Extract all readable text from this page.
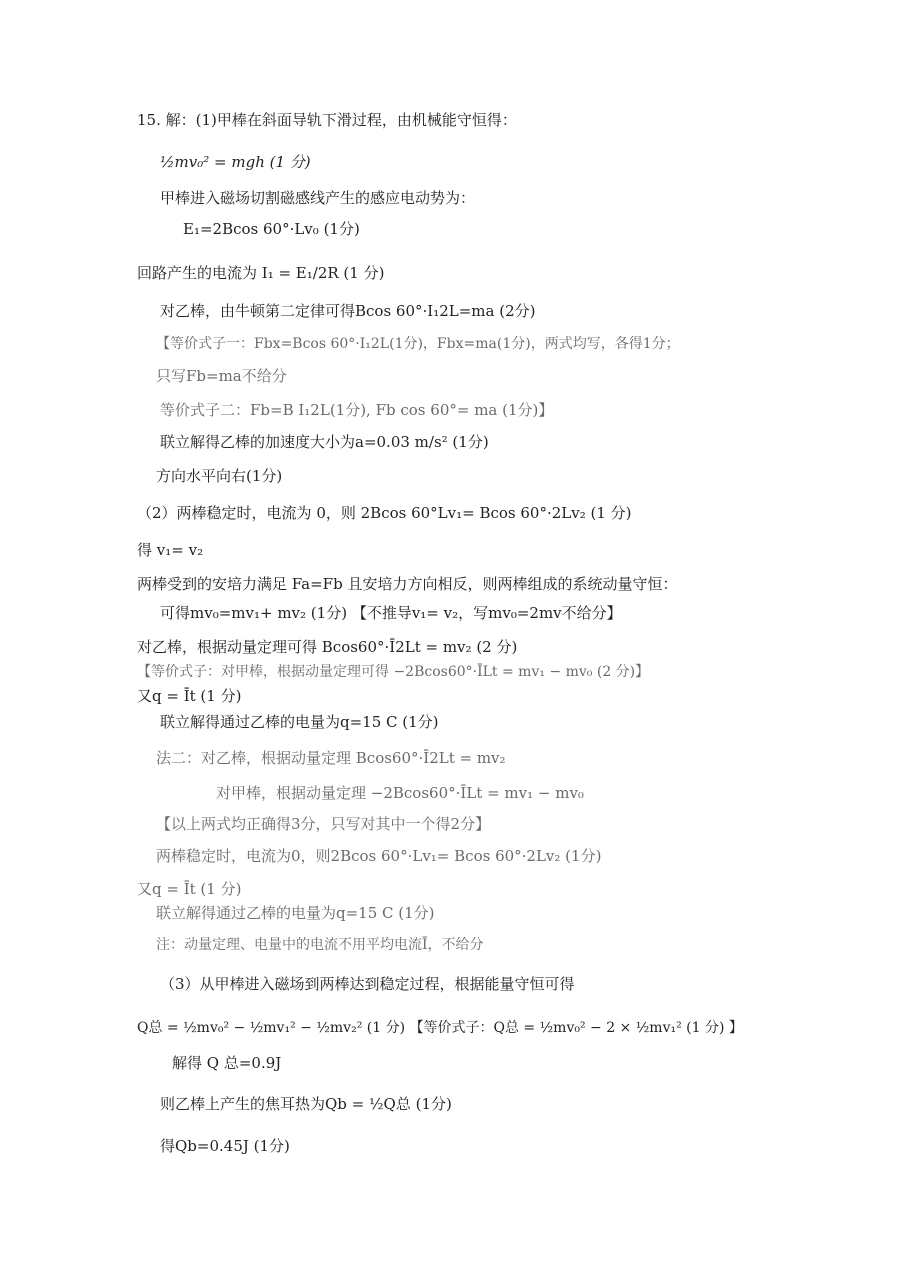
15. 解：(1)甲棒在斜面导轨下滑过程，由机械能守恒得：
½mv₀² = mgh (1 分)
甲棒进入磁场切割磁感线产生的感应电动势为：
E₁=2Bcos 60°·Lv₀ (1分)
回路产生的电流为 I₁ = E₁/2R (1 分)
对乙棒，由牛顿第二定律可得Bcos 60°·I₁2L=ma (2分)
【等价式子一：Fbx=Bcos 60°·I₁2L(1分)，Fbx=ma(1分)，两式均写，各得1分；
只写Fb=ma不给分
等价式子二：Fb=B I₁2L(1分), Fb cos 60°= ma (1分)】
联立解得乙棒的加速度大小为a=0.03 m/s² (1分)
方向水平向右(1分)
（2）两棒稳定时，电流为 0，则 2Bcos 60°Lv₁= Bcos 60°·2Lv₂ (1 分)
得 v₁= v₂
两棒受到的安培力满足 Fa=Fb 且安培力方向相反，则两棒组成的系统动量守恒：
可得mv₀=mv₁+ mv₂ (1分) 【不推导v₁= v₂，写mv₀=2mv不给分】
对乙棒，根据动量定理可得 Bcos60°·Ī2Lt = mv₂ (2 分)
【等价式子：对甲棒，根据动量定理可得 −2Bcos60°·ĪLt = mv₁ − mv₀ (2 分)】
又q = Īt (1 分)
联立解得通过乙棒的电量为q=15 C (1分)
法二：对乙棒，根据动量定理 Bcos60°·Ī2Lt = mv₂
对甲棒，根据动量定理 −2Bcos60°·ĪLt = mv₁ − mv₀
【以上两式均正确得3分，只写对其中一个得2分】
两棒稳定时，电流为0，则2Bcos 60°·Lv₁= Bcos 60°·2Lv₂ (1分)
又q = Īt (1 分)
联立解得通过乙棒的电量为q=15 C (1分)
注：动量定理、电量中的电流不用平均电流Ī，不给分
（3）从甲棒进入磁场到两棒达到稳定过程，根据能量守恒可得
Q总 = ½mv₀² − ½mv₁² − ½mv₂² (1 分) 【等价式子：Q总 = ½mv₀² − 2 × ½mv₁² (1 分) 】
解得 Q 总=0.9J
则乙棒上产生的焦耳热为Qb = ½Q总 (1分)
得Qb=0.45J (1分)
